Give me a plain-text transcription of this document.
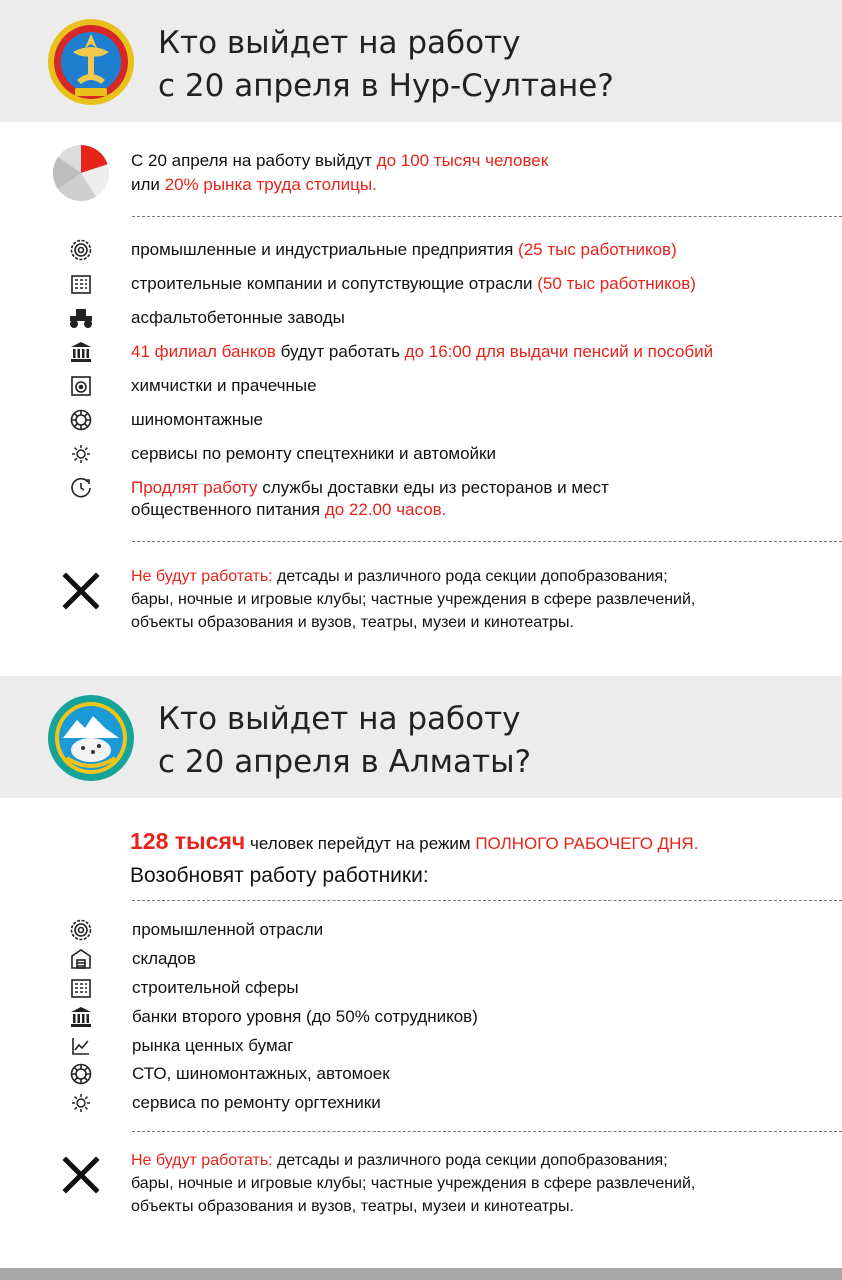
Кто выйдет на работу
с 20 апреля в Нур-Султане?
С 20 апреля на работу выйдут до 100 тысяч человек
или 20% рынка труда столицы.
промышленные и индустриальные предприятия (25 тыс работников)
строительные компании и сопутствующие отрасли (50 тыс работников)
асфальтобетонные заводы
41 филиал банков будут работать до 16:00 для выдачи пенсий и пособий
химчистки и прачечные
шиномонтажные
сервисы по ремонту спецтехники и автомойки
Продлят работу службы доставки еды из ресторанов и мест
общественного питания до 22.00 часов.
Не будут работать: детсады и различного рода секции допобразования;
бары, ночные и игровые клубы; частные учреждения в сфере развлечений,
объекты образования и вузов, театры, музеи и кинотеатры.
Кто выйдет на работу
с 20 апреля в Алматы?
128 тысяч человек перейдут на режим ПОЛНОГО РАБОЧЕГО ДНЯ.
Возобновят работу работники:
промышленной отрасли
складов
строительной сферы
банки второго уровня (до 50% сотрудников)
рынка ценных бумаг
СТО, шиномонтажных, автомоек
сервиса по ремонту оргтехники
Не будут работать: детсады и различного рода секции допобразования;
бары, ночные и игровые клубы; частные учреждения в сфере развлечений,
объекты образования и вузов, театры, музеи и кинотеатры.
